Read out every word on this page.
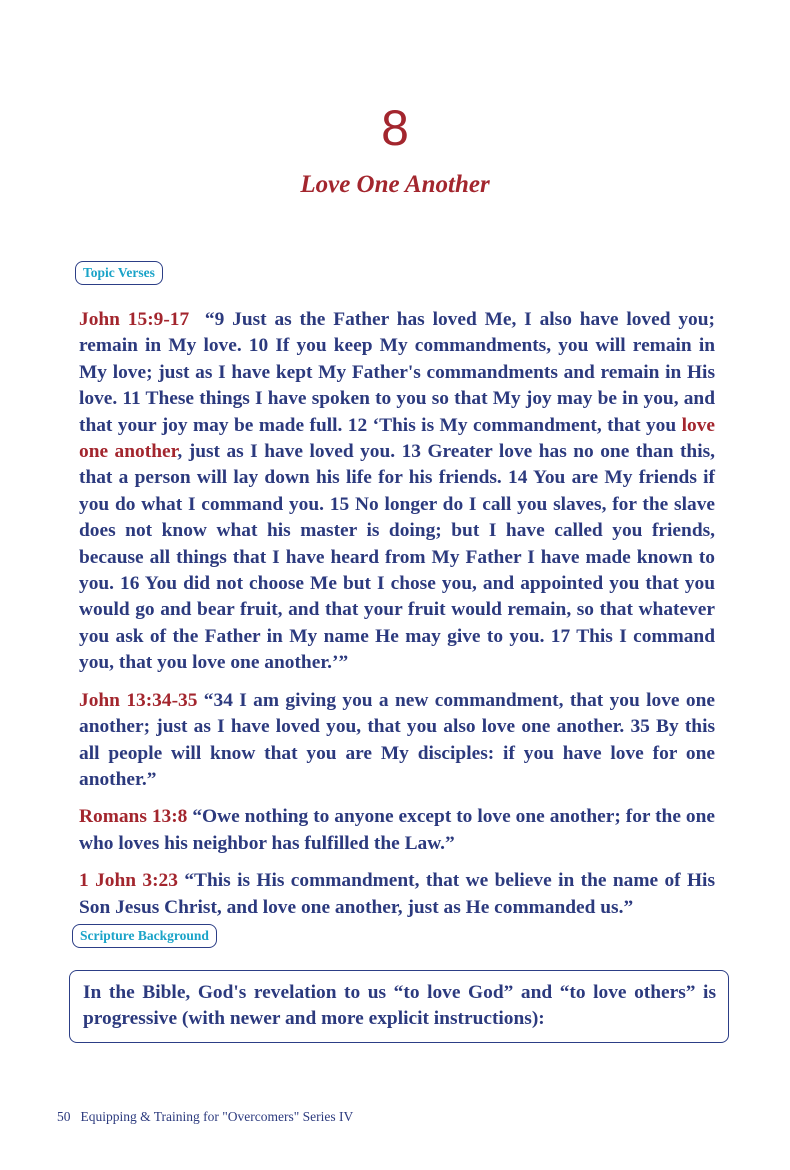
8
Love One Another
Topic Verses

John 15:9-17 “9 Just as the Father has loved Me, I also have loved you; remain in My love. 10 If you keep My commandments, you will remain in My love; just as I have kept My Father's commandments and remain in His love. 11 These things I have spoken to you so that My joy may be in you, and that your joy may be made full. 12 ‘This is My commandment, that you love one another, just as I have loved you. 13 Greater love has no one than this, that a person will lay down his life for his friends. 14 You are My friends if you do what I command you. 15 No longer do I call you slaves, for the slave does not know what his master is doing; but I have called you friends, because all things that I have heard from My Father I have made known to you. 16 You did not choose Me but I chose you, and appointed you that you would go and bear fruit, and that your fruit would remain, so that whatever you ask of the Father in My name He may give to you. 17 This I command you, that you love one another.’”

John 13:34-35 “34 I am giving you a new commandment, that you love one another; just as I have loved you, that you also love one another. 35 By this all people will know that you are My disciples: if you have love for one another.”

Romans 13:8 “Owe nothing to anyone except to love one another; for the one who loves his neighbor has fulfilled the Law.”

1 John 3:23 “This is His commandment, that we believe in the name of His Son Jesus Christ, and love one another, just as He commanded us.”

Scripture Background
In the Bible, God's revelation to us “to love God” and “to love others” is progressive (with newer and more explicit instructions):
50 Equipping & Training for "Overcomers" Series IV
